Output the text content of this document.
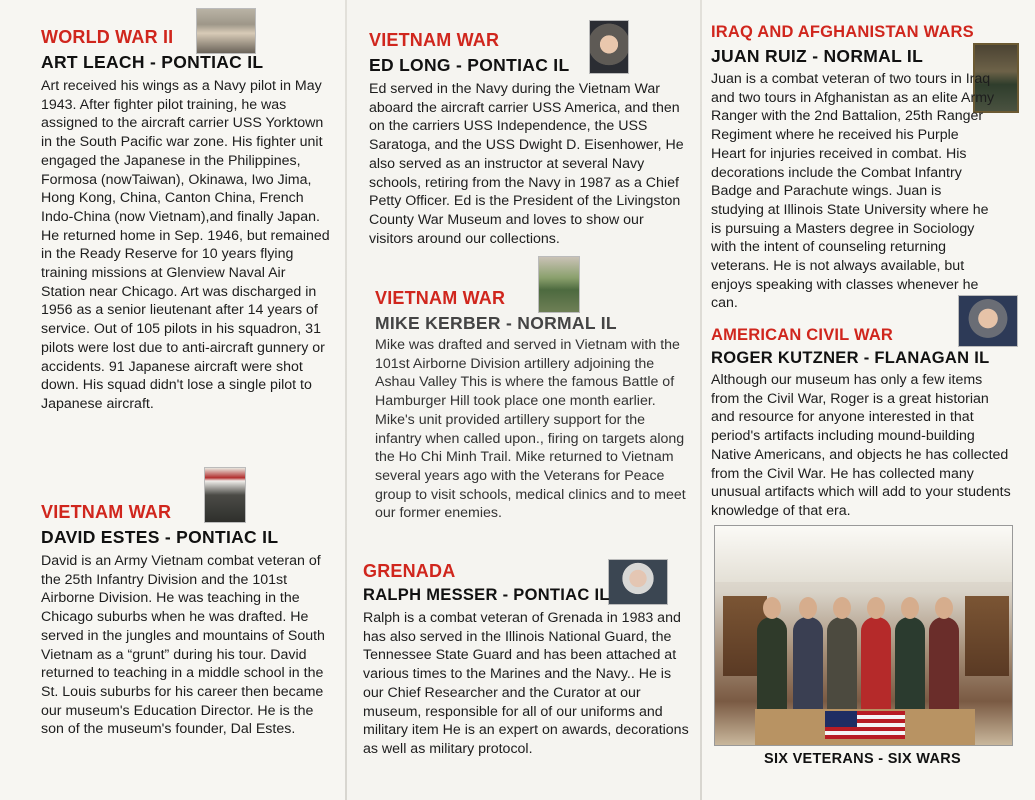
WORLD WAR II
ART LEACH - PONTIAC IL
Art received his wings as a Navy pilot in May 1943. After fighter pilot training, he was assigned to the aircraft carrier USS Yorktown in the South Pacific war zone. His fighter unit engaged the Japanese in the Philippines, Formosa (nowTaiwan), Okinawa, Iwo Jima, Hong Kong, China, Canton China, French Indo-China (now Vietnam),and finally Japan. He returned home in Sep. 1946, but remained in the Ready Reserve for 10 years flying training missions at Glenview Naval Air Station near Chicago. Art was discharged in 1956 as a senior lieutenant after 14 years of service. Out of 105 pilots in his squadron, 31 pilots were lost due to anti-aircraft gunnery or accidents. 91 Japanese aircraft were shot down. His squad didn't lose a single pilot to Japanese aircraft.
VIETNAM WAR
DAVID ESTES - PONTIAC IL
David is an Army Vietnam combat veteran of the 25th Infantry Division and the 101st Airborne Division. He was teaching in the Chicago suburbs when he was drafted. He served in the jungles and mountains of South Vietnam as a “grunt” during his tour. David returned to teaching in a middle school in the St. Louis suburbs for his career then became our museum's Education Director. He is the son of the museum's founder, Dal Estes.
VIETNAM WAR
ED LONG - PONTIAC IL
Ed served in the Navy during the Vietnam War aboard the aircraft carrier USS America, and then on the carriers USS Independence, the USS Saratoga, and the USS Dwight D. Eisenhower, He also served as an instructor at several Navy schools, retiring from the Navy in 1987 as a Chief Petty Officer. Ed is the President of the Livingston County War Museum and loves to show our visitors around our collections.
VIETNAM WAR
MIKE KERBER - NORMAL IL
Mike was drafted and served in Vietnam with the 101st Airborne Division artillery adjoining the Ashau Valley This is where the famous Battle of Hamburger Hill took place one month earlier. Mike's unit provided artillery support for the infantry when called upon., firing on targets along the Ho Chi Minh Trail. Mike returned to Vietnam several years ago with the Veterans for Peace group to visit schools, medical clinics and to meet our former enemies.
GRENADA
RALPH MESSER - PONTIAC IL
Ralph is a combat veteran of Grenada in 1983 and has also served in the Illinois National Guard, the Tennessee State Guard and has been attached at various times to the Marines and the Navy.. He is our Chief Researcher and the Curator at our museum, responsible for all of our uniforms and military item He is an expert on awards, decorations as well as military protocol.
IRAQ AND AFGHANISTAN WARS
JUAN RUIZ - NORMAL IL
Juan is a combat veteran of two tours in Iraq and two tours in Afghanistan as an elite Army Ranger with the 2nd Battalion, 25th Ranger Regiment where he received his Purple Heart for injuries received in combat. His decorations include the Combat Infantry Badge and Parachute wings. Juan is studying at Illinois State University where he is pursuing a Masters degree in Sociology with the intent of counseling returning veterans. He is not always available, but enjoys speaking with classes whenever he can.
AMERICAN CIVIL WAR
ROGER KUTZNER - FLANAGAN IL
Although our museum has only a few items from the Civil War, Roger is a great historian and resource for anyone interested in that period's artifacts including mound-building Native Americans, and objects he has collected from the Civil War. He has collected many unusual artifacts which will add to your students knowledge of that era.
SIX VETERANS - SIX WARS
